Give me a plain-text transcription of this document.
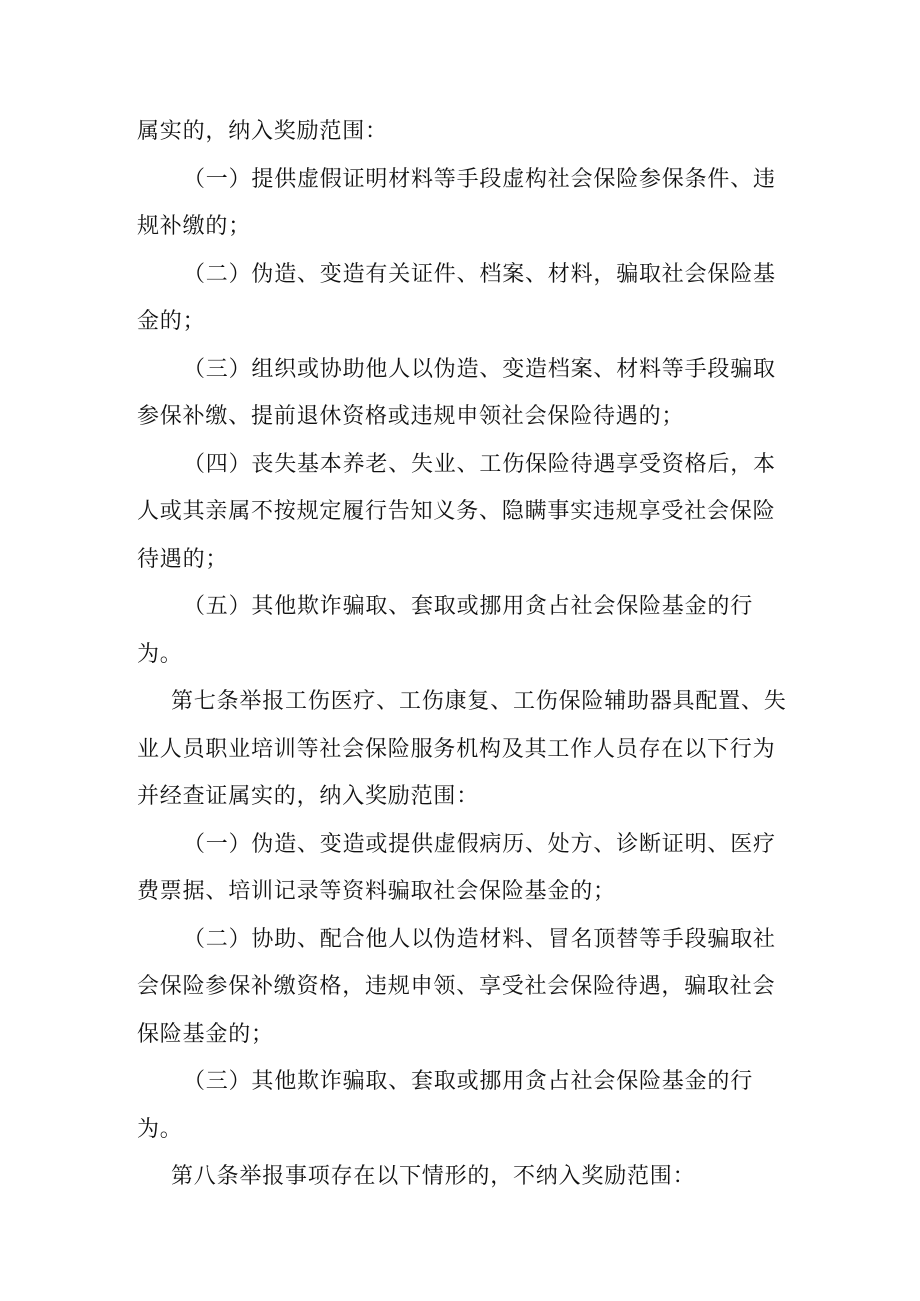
属实的，纳入奖励范围：

（一）提供虚假证明材料等手段虚构社会保险参保条件、违规补缴的；

（二）伪造、变造有关证件、档案、材料，骗取社会保险基金的；

（三）组织或协助他人以伪造、变造档案、材料等手段骗取参保补缴、提前退休资格或违规申领社会保险待遇的；

（四）丧失基本养老、失业、工伤保险待遇享受资格后，本人或其亲属不按规定履行告知义务、隐瞒事实违规享受社会保险待遇的；

（五）其他欺诈骗取、套取或挪用贪占社会保险基金的行为。

第七条举报工伤医疗、工伤康复、工伤保险辅助器具配置、失业人员职业培训等社会保险服务机构及其工作人员存在以下行为并经查证属实的，纳入奖励范围：

（一）伪造、变造或提供虚假病历、处方、诊断证明、医疗费票据、培训记录等资料骗取社会保险基金的；

（二）协助、配合他人以伪造材料、冒名顶替等手段骗取社会保险参保补缴资格，违规申领、享受社会保险待遇，骗取社会保险基金的；

（三）其他欺诈骗取、套取或挪用贪占社会保险基金的行为。

第八条举报事项存在以下情形的，不纳入奖励范围：
